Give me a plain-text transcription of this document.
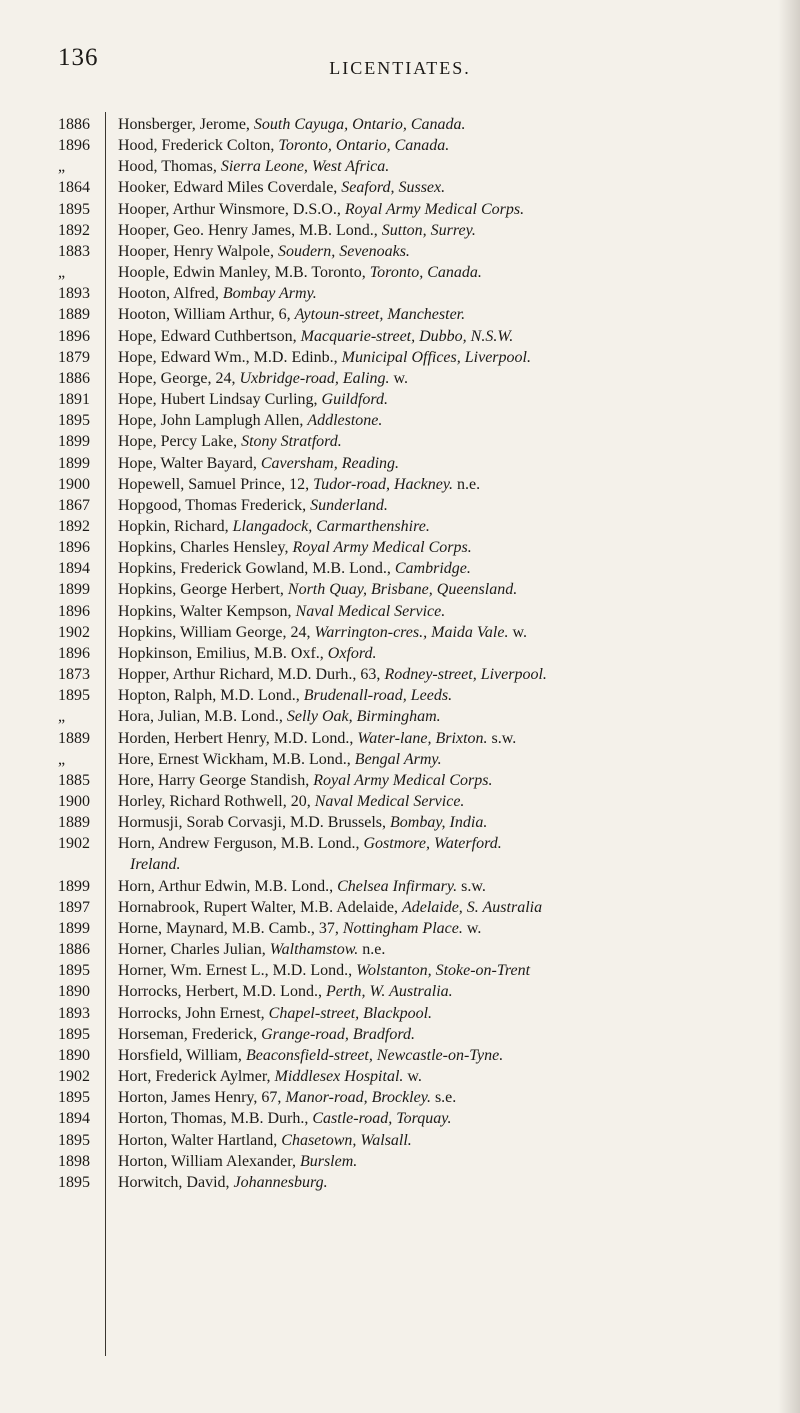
136	LICENTIATES.
1886	Honsberger, Jerome, South Cayuga, Ontario, Canada.
1896	Hood, Frederick Colton, Toronto, Ontario, Canada.
„	Hood, Thomas, Sierra Leone, West Africa.
1864	Hooker, Edward Miles Coverdale, Seaford, Sussex.
1895	Hooper, Arthur Winsmore, D.S.O., Royal Army Medical Corps.
1892	Hooper, Geo. Henry James, M.B. Lond., Sutton, Surrey.
1883	Hooper, Henry Walpole, Soudern, Sevenoaks.
„	Hoople, Edwin Manley, M.B. Toronto, Toronto, Canada.
1893	Hooton, Alfred, Bombay Army.
1889	Hooton, William Arthur, 6, Aytoun-street, Manchester.
1896	Hope, Edward Cuthbertson, Macquarie-street, Dubbo, N.S.W.
1879	Hope, Edward Wm., M.D. Edinb., Municipal Offices, Liverpool.
1886	Hope, George, 24, Uxbridge-road, Ealing. w.
1891	Hope, Hubert Lindsay Curling, Guildford.
1895	Hope, John Lamplugh Allen, Addlestone.
1899	Hope, Percy Lake, Stony Stratford.
1899	Hope, Walter Bayard, Caversham, Reading.
1900	Hopewell, Samuel Prince, 12, Tudor-road, Hackney. n.e.
1867	Hopgood, Thomas Frederick, Sunderland.
1892	Hopkin, Richard, Llangadock, Carmarthenshire.
1896	Hopkins, Charles Hensley, Royal Army Medical Corps.
1894	Hopkins, Frederick Gowland, M.B. Lond., Cambridge.
1899	Hopkins, George Herbert, North Quay, Brisbane, Queensland.
1896	Hopkins, Walter Kempson, Naval Medical Service.
1902	Hopkins, William George, 24, Warrington-cres., Maida Vale. w.
1896	Hopkinson, Emilius, M.B. Oxf., Oxford.
1873	Hopper, Arthur Richard, M.D. Durh., 63, Rodney-street, Liverpool.
1895	Hopton, Ralph, M.D. Lond., Brudenall-road, Leeds.
„	Hora, Julian, M.B. Lond., Selly Oak, Birmingham.
1889	Horden, Herbert Henry, M.D. Lond., Water-lane, Brixton. s.w.
„	Hore, Ernest Wickham, M.B. Lond., Bengal Army.
1885	Hore, Harry George Standish, Royal Army Medical Corps.
1900	Horley, Richard Rothwell, 20, Naval Medical Service.
1889	Hormusji, Sorab Corvasji, M.D. Brussels, Bombay, India.
1902	Horn, Andrew Ferguson, M.B. Lond., Gostmore, Waterford.
Ireland.
1899	Horn, Arthur Edwin, M.B. Lond., Chelsea Infirmary. s.w.
1897	Hornabrook, Rupert Walter, M.B. Adelaide, Adelaide, S. Australia
1899	Horne, Maynard, M.B. Camb., 37, Nottingham Place. w.
1886	Horner, Charles Julian, Walthamstow. n.e.
1895	Horner, Wm. Ernest L., M.D. Lond., Wolstanton, Stoke-on-Trent
1890	Horrocks, Herbert, M.D. Lond., Perth, W. Australia.
1893	Horrocks, John Ernest, Chapel-street, Blackpool.
1895	Horseman, Frederick, Grange-road, Bradford.
1890	Horsfield, William, Beaconsfield-street, Newcastle-on-Tyne.
1902	Hort, Frederick Aylmer, Middlesex Hospital. w.
1895	Horton, James Henry, 67, Manor-road, Brockley. s.e.
1894	Horton, Thomas, M.B. Durh., Castle-road, Torquay.
1895	Horton, Walter Hartland, Chasetown, Walsall.
1898	Horton, William Alexander, Burslem.
1895	Horwitch, David, Johannesburg.
